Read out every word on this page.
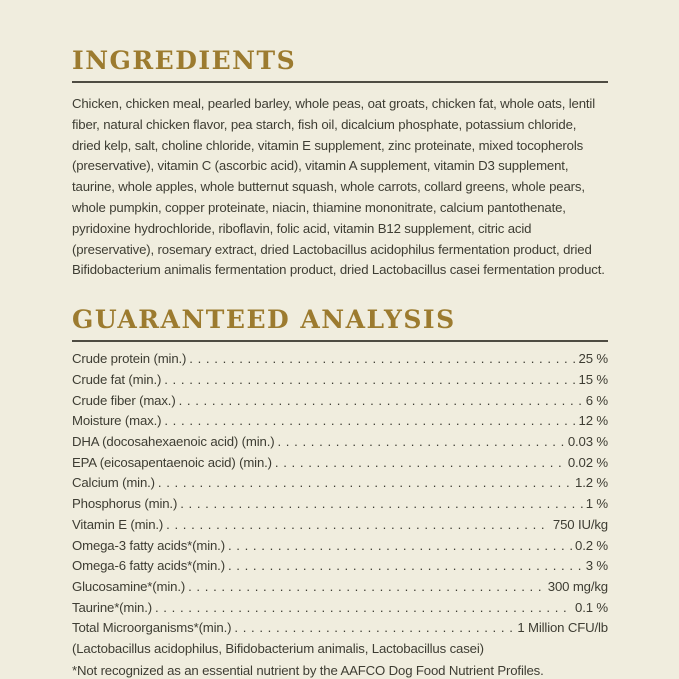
INGREDIENTS

Chicken, chicken meal, pearled barley, whole peas, oat groats, chicken fat, whole oats, lentil fiber, natural chicken flavor, pea starch, fish oil, dicalcium phosphate, potassium chloride, dried kelp, salt, choline chloride, vitamin E supplement, zinc proteinate, mixed tocopherols (preservative), vitamin C (ascorbic acid), vitamin A supplement, vitamin D3 supplement, taurine, whole apples, whole butternut squash, whole carrots, collard greens, whole pears, whole pumpkin, copper proteinate, niacin, thiamine mononitrate, calcium pantothenate, pyridoxine hydrochloride, riboflavin, folic acid, vitamin B12 supplement, citric acid (preservative), rosemary extract, dried Lactobacillus acidophilus fermentation product, dried Bifidobacterium animalis fermentation product, dried Lactobacillus casei fermentation product.

GUARANTEED ANALYSIS
Crude protein (min.) . . .	25 %
Crude fat (min.) . . .	15 %
Crude fiber (max.) . . .	6 %
Moisture (max.) . . .	12 %
DHA (docosahexaenoic acid) (min.) . . .	0.03 %
EPA (eicosapentaenoic acid) (min.) . . .	0.02 %
Calcium (min.) . . .	1.2 %
Phosphorus (min.) . . .	1 %
Vitamin E (min.) . . .	750 IU/kg
Omega-3 fatty acids*(min.) . . .	0.2 %
Omega-6 fatty acids*(min.) . . .	3 %
Glucosamine*(min.) . . .	300 mg/kg
Taurine*(min.) . . .	0.1 %
Total Microorganisms*(min.) . . .	1 Million CFU/lb
(Lactobacillus acidophilus, Bifidobacterium animalis, Lactobacillus casei)
*Not recognized as an essential nutrient by the AAFCO Dog Food Nutrient Profiles.
